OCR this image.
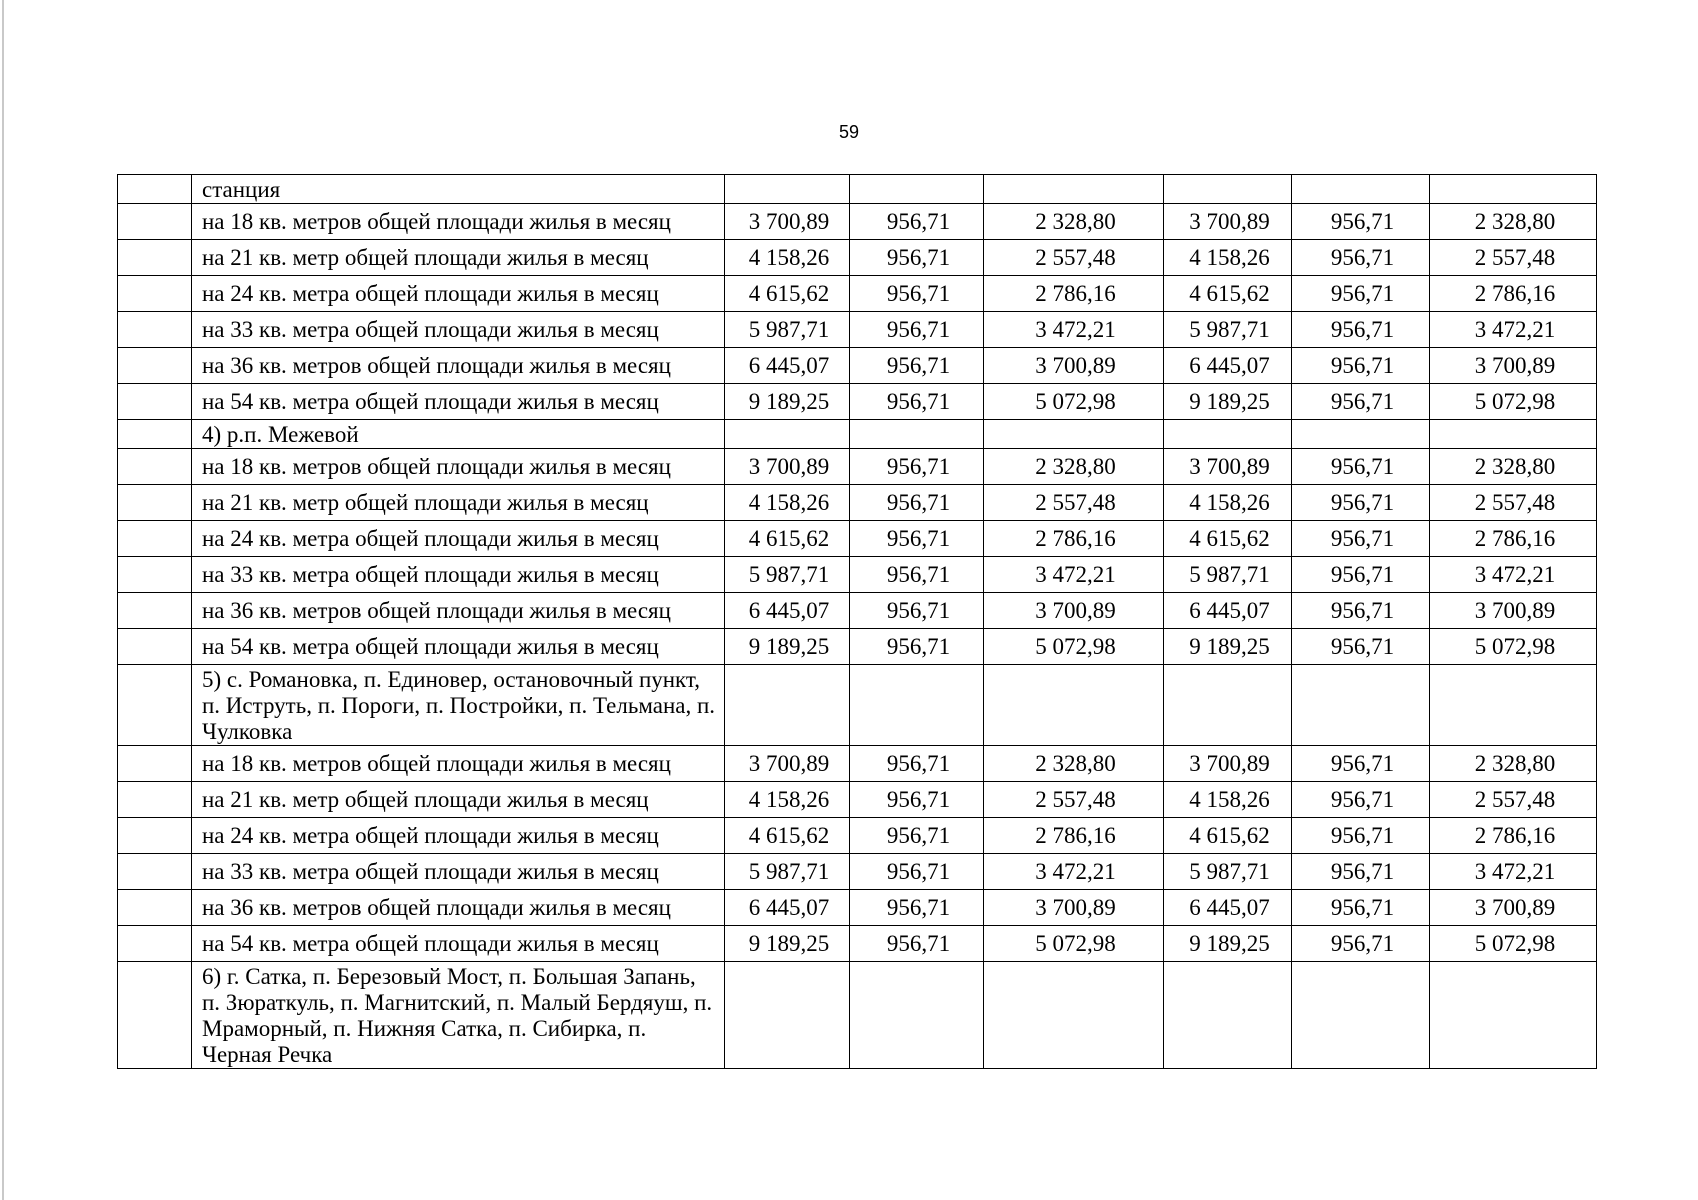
59
	станция						
	на 18 кв. метров общей площади жилья в месяц	3 700,89	956,71	2 328,80	3 700,89	956,71	2 328,80
	на 21 кв. метр общей площади жилья в месяц	4 158,26	956,71	2 557,48	4 158,26	956,71	2 557,48
	на 24 кв. метра общей площади жилья в месяц	4 615,62	956,71	2 786,16	4 615,62	956,71	2 786,16
	на 33 кв. метра общей площади жилья в месяц	5 987,71	956,71	3 472,21	5 987,71	956,71	3 472,21
	на 36 кв. метров общей площади жилья в месяц	6 445,07	956,71	3 700,89	6 445,07	956,71	3 700,89
	на 54 кв. метра общей площади жилья в месяц	9 189,25	956,71	5 072,98	9 189,25	956,71	5 072,98
	4) р.п. Межевой						
	на 18 кв. метров общей площади жилья в месяц	3 700,89	956,71	2 328,80	3 700,89	956,71	2 328,80
	на 21 кв. метр общей площади жилья в месяц	4 158,26	956,71	2 557,48	4 158,26	956,71	2 557,48
	на 24 кв. метра общей площади жилья в месяц	4 615,62	956,71	2 786,16	4 615,62	956,71	2 786,16
	на 33 кв. метра общей площади жилья в месяц	5 987,71	956,71	3 472,21	5 987,71	956,71	3 472,21
	на 36 кв. метров общей площади жилья в месяц	6 445,07	956,71	3 700,89	6 445,07	956,71	3 700,89
	на 54 кв. метра общей площади жилья в месяц	9 189,25	956,71	5 072,98	9 189,25	956,71	5 072,98
	5) с. Романовка, п. Единовер, остановочный пункт, п. Иструть, п. Пороги, п. Постройки, п. Тельмана, п. Чулковка						
	на 18 кв. метров общей площади жилья в месяц	3 700,89	956,71	2 328,80	3 700,89	956,71	2 328,80
	на 21 кв. метр общей площади жилья в месяц	4 158,26	956,71	2 557,48	4 158,26	956,71	2 557,48
	на 24 кв. метра общей площади жилья в месяц	4 615,62	956,71	2 786,16	4 615,62	956,71	2 786,16
	на 33 кв. метра общей площади жилья в месяц	5 987,71	956,71	3 472,21	5 987,71	956,71	3 472,21
	на 36 кв. метров общей площади жилья в месяц	6 445,07	956,71	3 700,89	6 445,07	956,71	3 700,89
	на 54 кв. метра общей площади жилья в месяц	9 189,25	956,71	5 072,98	9 189,25	956,71	5 072,98
	6) г. Сатка, п. Березовый Мост, п. Большая Запань, п. Зюраткуль, п. Магнитский, п. Малый Бердяуш, п. Мраморный, п. Нижняя Сатка, п. Сибирка, п. Черная Речка						
